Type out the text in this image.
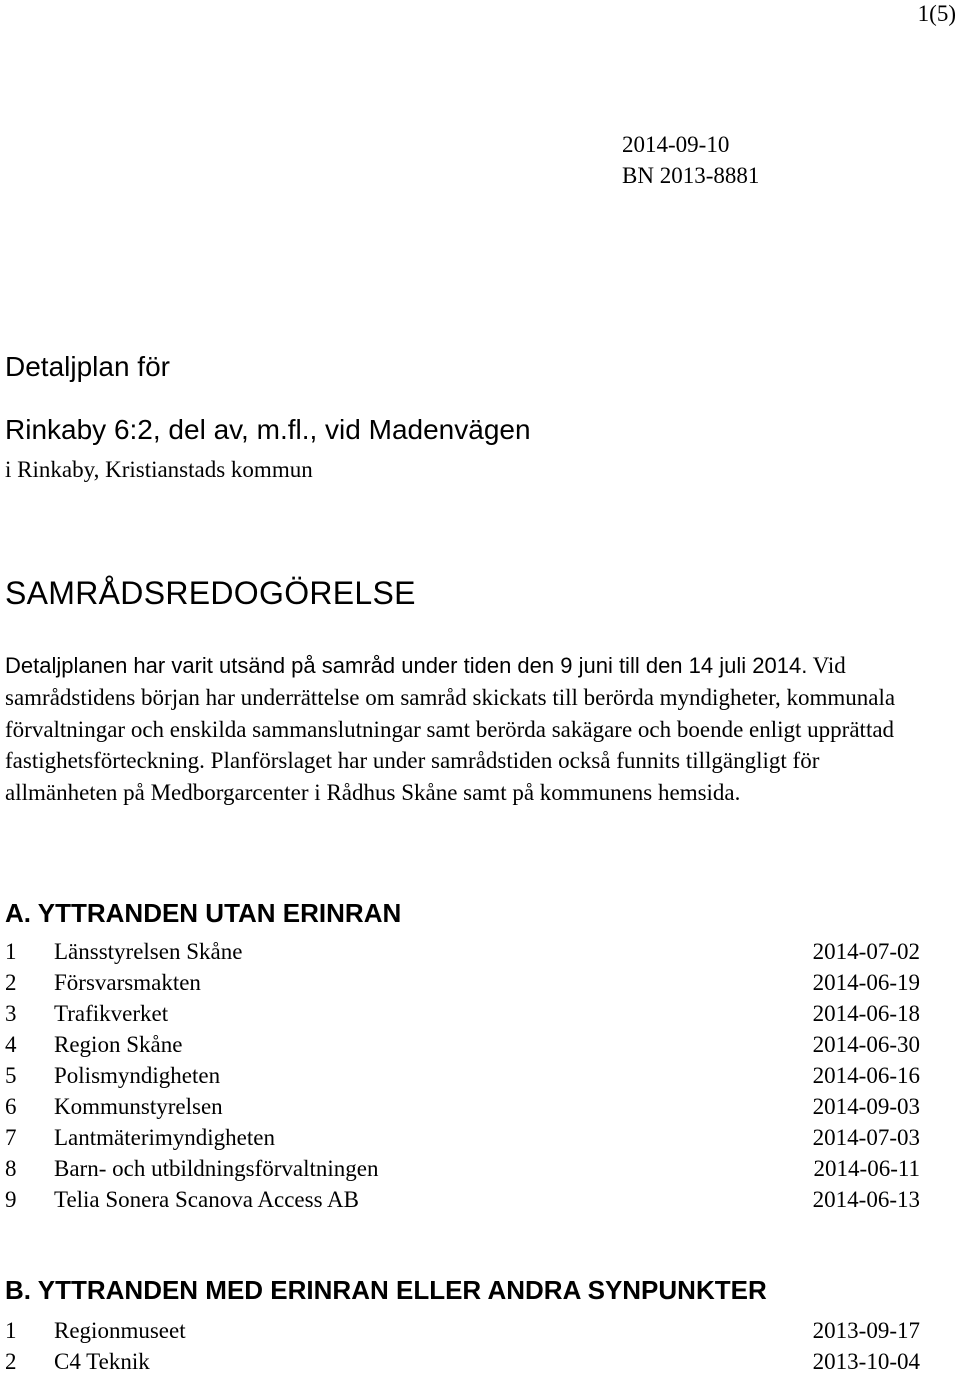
1(5)
2014-09-10
BN 2013-8881
Detaljplan för
Rinkaby 6:2, del av, m.fl., vid Madenvägen
i Rinkaby, Kristianstads kommun
SAMRÅDSREDOGÖRELSE
Detaljplanen har varit utsänd på samråd under tiden den 9 juni till den 14 juli 2014. Vid samrådstidens början har underrättelse om samråd skickats till berörda myndigheter, kommunala förvaltningar och enskilda sammanslutningar samt berörda sakägare och boende enligt upprättad fastighetsförteckning. Planförslaget har under samrådstiden också funnits tillgängligt för allmänheten på Medborgarcenter i Rådhus Skåne samt på kommunens hemsida.
A. YTTRANDEN UTAN ERINRAN
1	Länsstyrelsen Skåne	2014-07-02
2	Försvarsmakten	2014-06-19
3	Trafikverket	2014-06-18
4	Region Skåne	2014-06-30
5	Polismyndigheten	2014-06-16
6	Kommunstyrelsen	2014-09-03
7	Lantmäterimyndigheten	2014-07-03
8	Barn- och utbildningsförvaltningen	2014-06-11
9	Telia Sonera Scanova Access AB	2014-06-13
B. YTTRANDEN MED ERINRAN ELLER ANDRA SYNPUNKTER
1	Regionmuseet	2013-09-17
2	C4 Teknik	2013-10-04
